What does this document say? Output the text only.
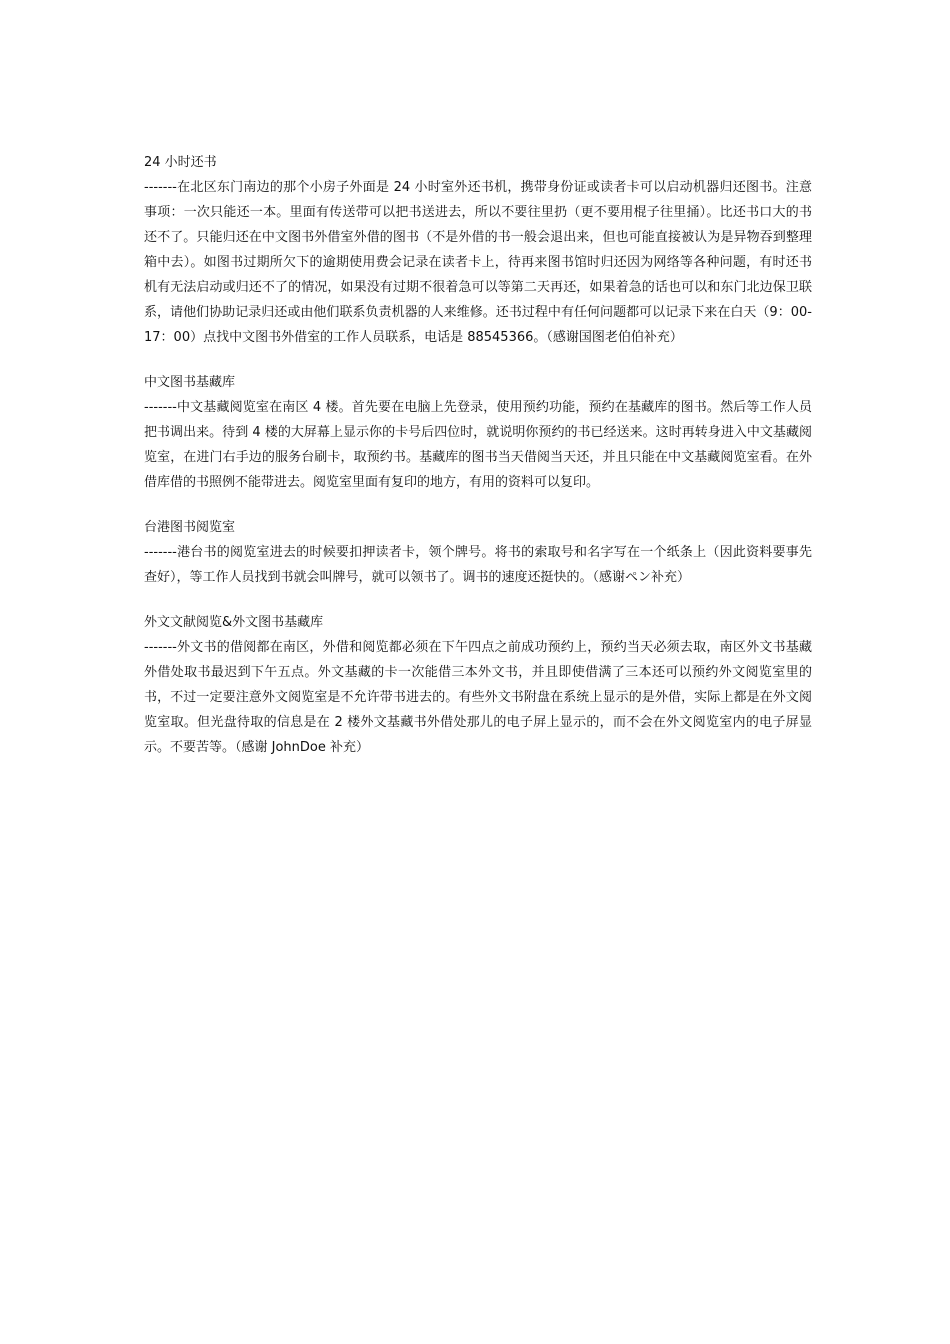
24 小时还书

-------在北区东门南边的那个小房子外面是 24 小时室外还书机，携带身份证或读者卡可以启动机器归还图书。注意事项：一次只能还一本。里面有传送带可以把书送进去，所以不要往里扔（更不要用棍子往里捅）。比还书口大的书还不了。只能归还在中文图书外借室外借的图书（不是外借的书一般会退出来，但也可能直接被认为是异物吞到整理箱中去）。如图书过期所欠下的逾期使用费会记录在读者卡上，待再来图书馆时归还因为网络等各种问题，有时还书机有无法启动或归还不了的情况，如果没有过期不很着急可以等第二天再还，如果着急的话也可以和东门北边保卫联系，请他们协助记录归还或由他们联系负责机器的人来维修。还书过程中有任何问题都可以记录下来在白天（9：00-17：00）点找中文图书外借室的工作人员联系，电话是 88545366。（感谢国图老伯伯补充）

中文图书基藏库

-------中文基藏阅览室在南区 4 楼。首先要在电脑上先登录，使用预约功能，预约在基藏库的图书。然后等工作人员把书调出来。待到 4 楼的大屏幕上显示你的卡号后四位时，就说明你预约的书已经送来。这时再转身进入中文基藏阅览室，在进门右手边的服务台刷卡，取预约书。基藏库的图书当天借阅当天还，并且只能在中文基藏阅览室看。在外借库借的书照例不能带进去。阅览室里面有复印的地方，有用的资料可以复印。

台港图书阅览室

-------港台书的阅览室进去的时候要扣押读者卡，领个牌号。将书的索取号和名字写在一个纸条上（因此资料要事先查好），等工作人员找到书就会叫牌号，就可以领书了。调书的速度还挺快的。（感谢ペン补充）

外文文献阅览&外文图书基藏库

-------外文书的借阅都在南区，外借和阅览都必须在下午四点之前成功预约上，预约当天必须去取，南区外文书基藏外借处取书最迟到下午五点。外文基藏的卡一次能借三本外文书，并且即使借满了三本还可以预约外文阅览室里的书，不过一定要注意外文阅览室是不允许带书进去的。有些外文书附盘在系统上显示的是外借，实际上都是在外文阅览室取。但光盘待取的信息是在 2 楼外文基藏书外借处那儿的电子屏上显示的，而不会在外文阅览室内的电子屏显示。不要苦等。（感谢 JohnDoe 补充）
